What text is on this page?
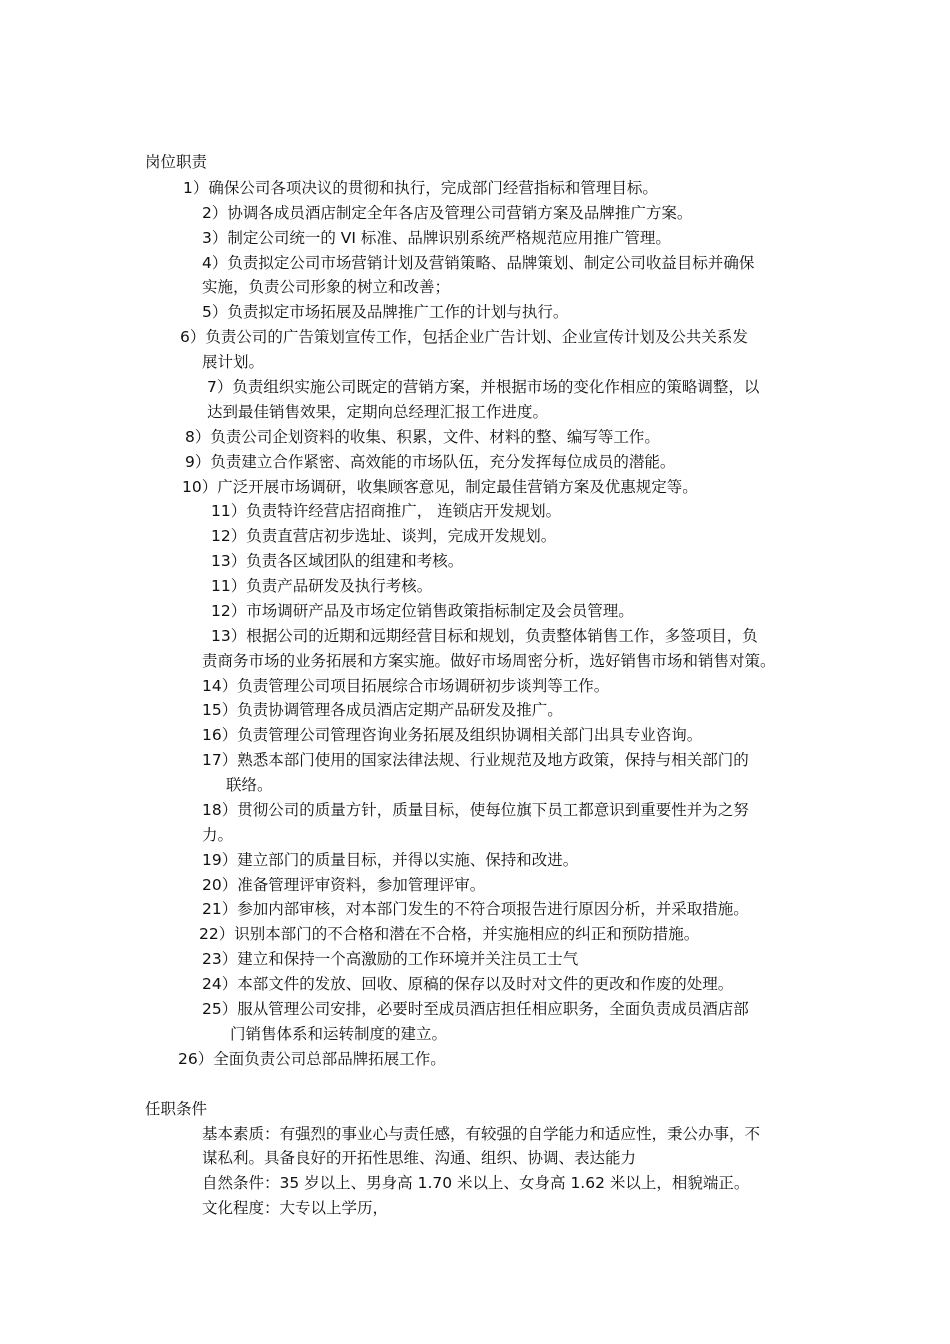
岗位职责
1）确保公司各项决议的贯彻和执行，完成部门经营指标和管理目标。
2）协调各成员酒店制定全年各店及管理公司营销方案及品牌推广方案。
3）制定公司统一的 VI 标准、品牌识别系统严格规范应用推广管理。
4）负责拟定公司市场营销计划及营销策略、品牌策划、制定公司收益目标并确保
实施，负责公司形象的树立和改善；
5）负责拟定市场拓展及品牌推广工作的计划与执行。
6）负责公司的广告策划宣传工作，包括企业广告计划、企业宣传计划及公共关系发
展计划。
7）负责组织实施公司既定的营销方案，并根据市场的变化作相应的策略调整，以
达到最佳销售效果，定期向总经理汇报工作进度。
8）负责公司企划资料的收集、积累，文件、材料的整、编写等工作。
9）负责建立合作紧密、高效能的市场队伍，充分发挥每位成员的潜能。
10）广泛开展市场调研，收集顾客意见，制定最佳营销方案及优惠规定等。
11）负责特许经营店招商推广， 连锁店开发规划。
12）负责直营店初步选址、谈判，完成开发规划。
13）负责各区域团队的组建和考核。
11）负责产品研发及执行考核。
12）市场调研产品及市场定位销售政策指标制定及会员管理。
13）根据公司的近期和远期经营目标和规划，负责整体销售工作，多签项目，负
责商务市场的业务拓展和方案实施。做好市场周密分析，选好销售市场和销售对策。
14）负责管理公司项目拓展综合市场调研初步谈判等工作。
15）负责协调管理各成员酒店定期产品研发及推广。
16）负责管理公司管理咨询业务拓展及组织协调相关部门出具专业咨询。
17）熟悉本部门使用的国家法律法规、行业规范及地方政策，保持与相关部门的
联络。
18）贯彻公司的质量方针，质量目标，使每位旗下员工都意识到重要性并为之努
力。
19）建立部门的质量目标，并得以实施、保持和改进。
20）准备管理评审资料，参加管理评审。
21）参加内部审核，对本部门发生的不符合项报告进行原因分析，并采取措施。
22）识别本部门的不合格和潜在不合格，并实施相应的纠正和预防措施。
23）建立和保持一个高激励的工作环境并关注员工士气
24）本部文件的发放、回收、原稿的保存以及时对文件的更改和作废的处理。
25）服从管理公司安排，必要时至成员酒店担任相应职务，全面负责成员酒店部
门销售体系和运转制度的建立。
26）全面负责公司总部品牌拓展工作。
任职条件
基本素质：有强烈的事业心与责任感，有较强的自学能力和适应性，秉公办事，不
谋私利。具备良好的开拓性思维、沟通、组织、协调、表达能力
自然条件：35 岁以上、男身高 1.70 米以上、女身高 1.62 米以上，相貌端正。
文化程度：大专以上学历，
